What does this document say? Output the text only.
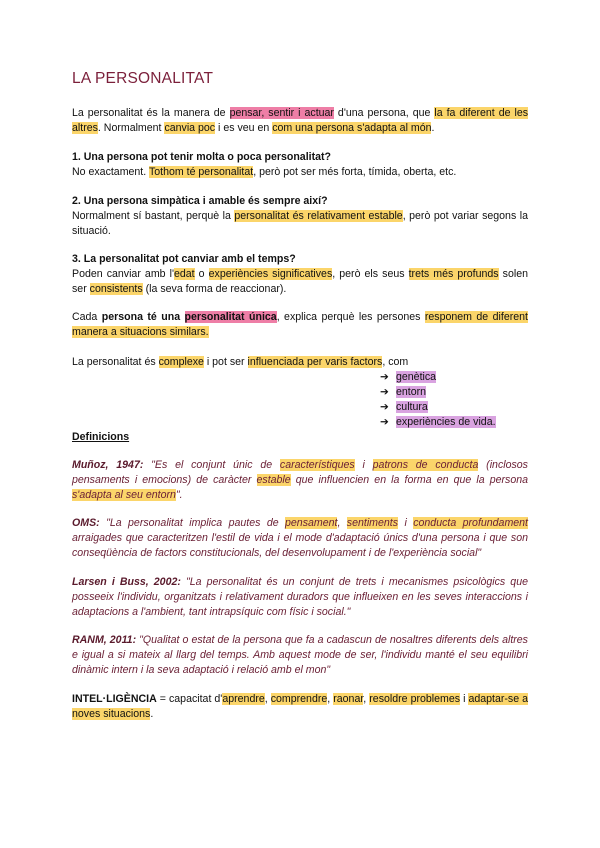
LA PERSONALITAT
La personalitat és la manera de pensar, sentir i actuar d'una persona, que la fa diferent de les altres. Normalment canvia poc i es veu en com una persona s'adapta al món.
1. Una persona pot tenir molta o poca personalitat?
No exactament. Tothom té personalitat, però pot ser més forta, tímida, oberta, etc.
2. Una persona simpàtica i amable és sempre així?
Normalment sí bastant, perquè la personalitat és relativament estable, però pot variar segons la situació.
3. La personalitat pot canviar amb el temps?
Poden canviar amb l'edat o experiències significatives, però els seus trets més profunds solen ser consistents (la seva forma de reaccionar).
Cada persona té una personalitat única, explica perquè les persones responem de diferent manera a situacions similars.
La personalitat és complexe i pot ser influenciada per varis factors, com
➔ genètica
➔ entorn
➔ cultura
➔ experiències de vida.
Definicions
Muñoz, 1947: "Es el conjunt únic de característiques i patrons de conducta (inclosos pensaments i emocions) de caràcter estable que influencien en la forma en que la persona s'adapta al seu entorn".
OMS: "La personalitat implica pautes de pensament, sentiments i conducta profundament arraigades que caracteritzen l'estil de vida i el mode d'adaptació únics d'una persona i que son conseqüència de factors constitucionals, del desenvolupament i de l'experiència social"
Larsen i Buss, 2002: "La personalitat és un conjunt de trets i mecanismes psicològics que posseeix l'individu, organitzats i relativament duradors que influeixen en les seves interaccions i adaptacions a l'ambient, tant intrapsíquic com físic i social."
RANM, 2011: "Qualitat o estat de la persona que fa a cadascun de nosaltres diferents dels altres e igual a si mateix al llarg del temps. Amb aquest mode de ser, l'individu manté el seu equilibri dinàmic intern i la seva adaptació i relació amb el mon"
INTEL·LIGÈNCIA = capacitat d'aprendre, comprendre, raonar, resoldre problemes i adaptar-se a noves situacions.
